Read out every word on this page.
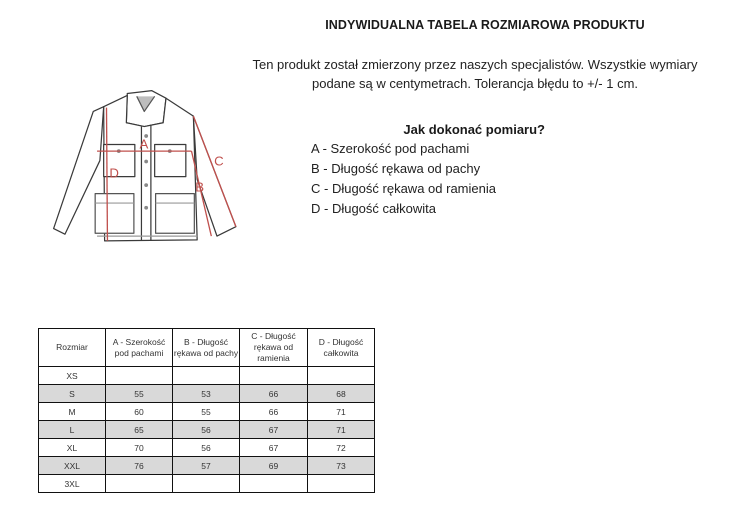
INDYWIDUALNA TABELA ROZMIAROWA PRODUKTU
Ten produkt został zmierzony przez naszych specjalistów. Wszystkie wymiary
podane są w centymetrach. Tolerancja błędu to +/- 1 cm.
Jak dokonać pomiaru?
A - Szerokość pod pachami
B - Długość rękawa od pachy
C - Długość rękawa od ramienia
D - Długość całkowita
A
D
B
C
Rozmiar	
A - Szerokość
pod pachami

B - Długość
rękawa od pachy

C - Długość
rękawa od
ramienia

D - Długość
całkowita

XS				
S	55	53	66	68
M	60	55	66	71
L	65	56	67	71
XL	70	56	67	72
XXL	76	57	69	73
3XL				
